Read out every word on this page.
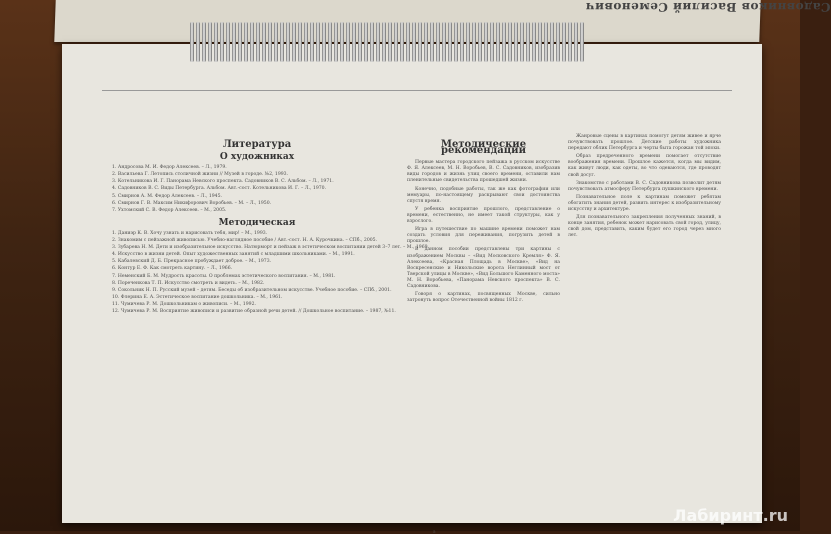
Садовников Василий Семенович
Литература
О художниках
1. Андросова М. И. Федор Алексеев. – Л., 1979.
2. Васильева Г. Летопись столичной жизни // Музей в городе. №2, 1993.
3. Котельникова И. Г. Панорама Невского проспекта. Садовников В. С. Альбом. – Л., 1971.
4. Садовников В. С. Виды Петербурга. Альбом. Авт.-сост. Котельникова И. Г. – Л., 1970.
5. Смирнов А. М. Федор Алексеев. – Л., 1945.
6. Смирнов Г. В. Максим Никифорович Воробьев. – М. – Л., 1950.
7. Ухтомский С. В. Федор Алексеев. – М., 2005.
Методическая
1. Даниэр К. В. Хочу узнать и нарисовать тебя, мир! – М., 1993.
2. Знакомим с пейзажной живописью. Учебно-наглядное пособие / Авт.-сост. Н. А. Курочкина. – СПб., 2005.
3. Зубарева Н. М. Дети и изобразительное искусство. Натюрморт и пейзаж в эстетическом воспитании детей 3–7 лет. – М., 1969.
4. Искусство в жизни детей. Опыт художественных занятий с младшими школьниками. – М., 1991.
5. Кабалевский Д. Б. Прекрасное пробуждает доброе. – М., 1973.
6. Контур Е. Ф. Как смотреть картину. – Л., 1966.
7. Неменский Б. М. Мудрость красоты. О проблемах эстетического воспитания. – М., 1981.
8. Пореченкова Т. П. Искусство смотреть и видеть. – М., 1982.
9. Сокольник Н. П. Русский музей – детям. Беседы об изобразительном искусстве. Учебное пособие. – СПб., 2001.
10. Флерина Е. А. Эстетическое воспитание дошкольника. – М., 1961.
11. Чумичева Р. М. Дошкольникам о живописи. – М., 1992.
12. Чумичева Р. М. Восприятие живописи и развитие образной речи детей. // Дошкольное воспитание. – 1987, №11.
Методические рекомендации
Первые мастера городского пейзажа в русском искусстве Ф. Я. Алексеев, М. Н. Воробьев, В. С. Садовников, изобразив виды городов и жизнь улиц своего времени, оставили нам пленительные свидетельства прошедшей жизни.
Конечно, подобные работы, так же как фотографии или мемуары, по-настоящему раскрывают свои достоинства спустя время.
У ребенка восприятие прошлого, представление о времени, естественно, не имеет такой структуры, как у взрослого.
Игра в путешествие по машине времени поможет нам создать условия для переживания, погрузить детей в прошлое.
В данном пособии представлены три картины с изображением Москвы – «Вид Московского Кремля» Ф. Я. Алексеева, «Красная Площадь в Москве», «Вид на Воскресенские и Никольские ворота Неглинный мост от Тверской улицы в Москве», «Вид Большого Каменного моста» М. Н. Воробьева, «Панорама Невского проспекта» В. С. Садовникова.
Говоря о картинах, посвященных Москве, сильно затронуть вопрос Отечественной войны 1812 г.
Жанровые сцены в картинах помогут детям живее и ярче почувствовать прошлое. Детские работы художника передают облик Петербурга и черты быта горожан той эпохи.
Образ предреченного времени помогает отсутствие воображения времени. Прошлое кажется, когда мы видим, как живут люди, как одеты, во что одеваются, где проводят свой досуг.
Знакомство с работами В. С. Садовникова позволит детям почувствовать атмосферу Петербурга пушкинского времени.
Познавательное поле к картинам поможет ребятам обогатить знания детей, развить интерес к изобразительному искусству и архитектуре.
Для познавательного закрепления полученных знаний, в конце занятия, ребенок может нарисовать свой город, улицу, свой дом, представить, каким будет его город через много лет.
5
Лабиринт.ru
